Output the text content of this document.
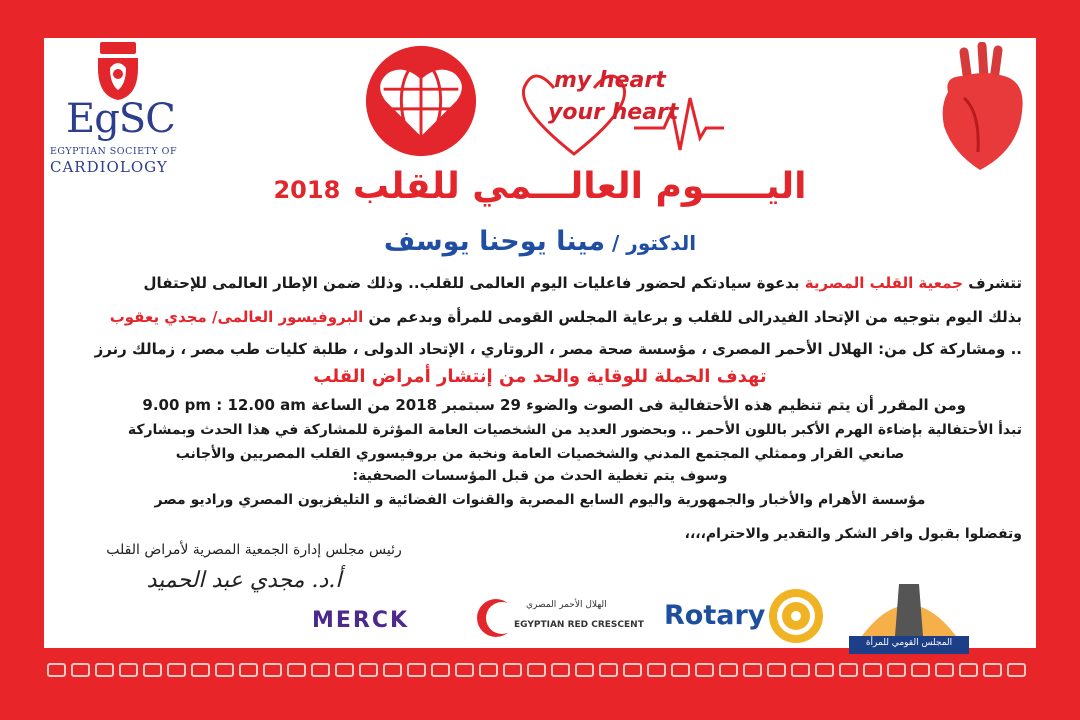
EgSC
EGYPTIAN SOCIETY OF
CARDIOLOGY
my heart
your heart
اليـــــوم العالـــمي للقلب 2018
الدكتور / مينا يوحنا يوسف
تتشرف جمعية القلب المصرية بدعوة سيادتكم لحضور فاعليات اليوم العالمى للقلب.. وذلك ضمن الإطار العالمى للإحتفال
بذلك اليوم بتوجيه من الإتحاد الفيدرالى للقلب و برعاية المجلس القومى للمرأة وبدعم من البروفيسور العالمى/ مجدي يعقوب
.. ومشاركة كل من: الهلال الأحمر المصرى ، مؤسسة صحة مصر ، الروتاري ، الإتحاد الدولى ، طلبة كليات طب مصر ، زمالك رنرز
تهدف الحملة للوقاية والحد من إنتشار أمراض القلب
ومن المقرر أن يتم تنظيم هذه الأحتفالية فى الصوت والضوء 29 سبتمبر 2018 من الساعة 9.00 pm : 12.00 am
تبدأ الأحتفالية بإضاءة الهرم الأكبر باللون الأحمر .. وبحضور العديد من الشخصيات العامة المؤثرة للمشاركة في هذا الحدث وبمشاركة
صانعي القرار وممثلي المجتمع المدني والشخصيات العامة ونخبة من بروفيسوري القلب المصريين والأجانب
وسوف يتم تغطية الحدث من قبل المؤسسات الصحفية:
مؤسسة الأهرام والأخبار والجمهورية واليوم السابع المصرية والقنوات الفضائية و التليفزيون المصري وراديو مصر
وتفضلوا بقبول وافر الشكر والتقدير والاحترام،،،،
رئيس مجلس إدارة الجمعية المصرية لأمراض القلب
أ.د. مجدي عبد الحميد
MERCK
الهلال الأحمر المصري
EGYPTIAN RED CRESCENT Rotary
المجلس القومي للمرأة
